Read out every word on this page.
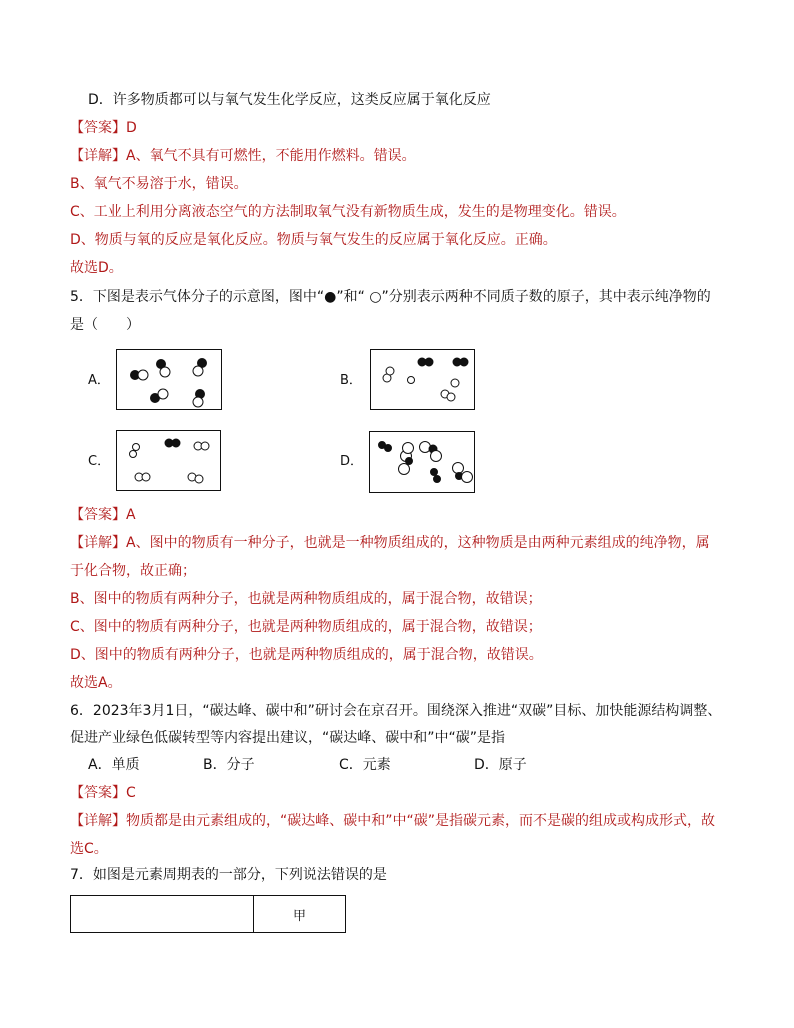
D．许多物质都可以与氧气发生化学反应，这类反应属于氧化反应
【答案】D
【详解】A、氧气不具有可燃性，不能用作燃料。错误。
B、氧气不易溶于水，错误。
C、工业上利用分离液态空气的方法制取氧气没有新物质生成，发生的是物理变化。错误。
D、物质与氧的反应是氧化反应。物质与氧气发生的反应属于氧化反应。正确。
故选D。
5．下图是表示气体分子的示意图，图中“●”和“ ○”分别表示两种不同质子数的原子，其中表示纯净物的
是（　　）
A．	B．
C．	D．
【答案】A
【详解】A、图中的物质有一种分子，也就是一种物质组成的，这种物质是由两种元素组成的纯净物，属
于化合物，故正确；
B、图中的物质有两种分子，也就是两种物质组成的，属于混合物，故错误；
C、图中的物质有两种分子，也就是两种物质组成的，属于混合物，故错误；
D、图中的物质有两种分子，也就是两种物质组成的，属于混合物，故错误。
故选A。
6．2023年3月1日，“碳达峰、碳中和”研讨会在京召开。围绕深入推进“双碳”目标、加快能源结构调整、
促进产业绿色低碳转型等内容提出建议，“碳达峰、碳中和”中“碳”是指
A．单质	B．分子	C．元素	D．原子
【答案】C
【详解】物质都是由元素组成的，“碳达峰、碳中和”中“碳”是指碳元素，而不是碳的组成或构成形式，故
选C。
7．如图是元素周期表的一部分，下列说法错误的是
	甲
